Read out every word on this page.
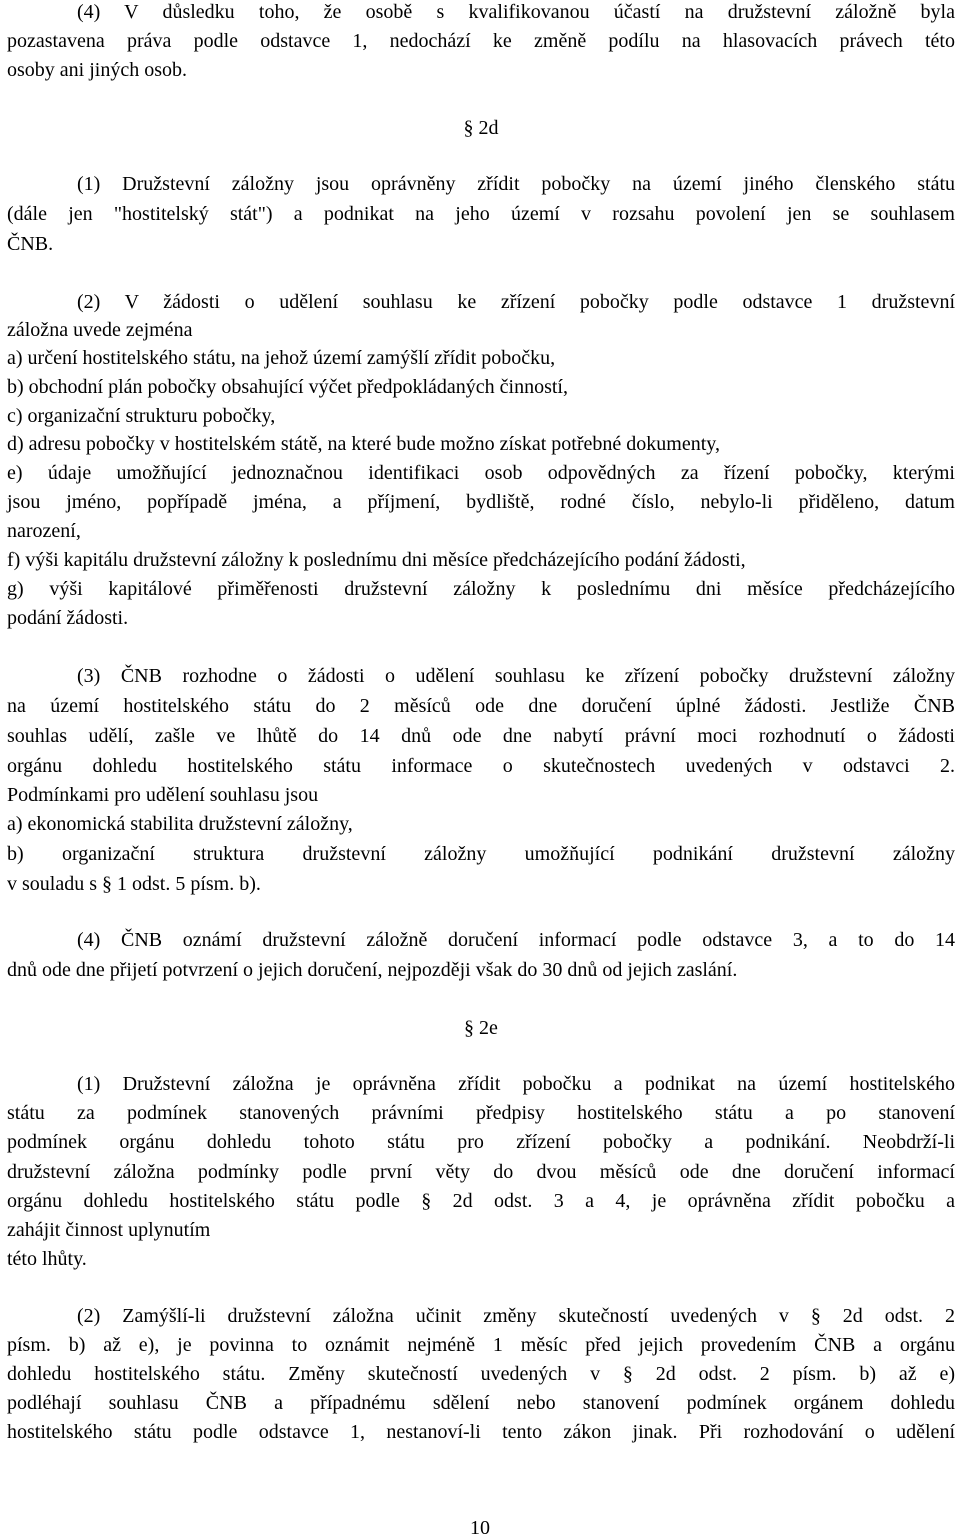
(4) V důsledku toho, že osobě s kvalifikovanou účastí na družstevní záložně byla
pozastavena práva podle odstavce 1, nedochází ke změně podílu na hlasovacích právech této
osoby ani jiných osob.
§ 2d
(1) Družstevní záložny jsou oprávněny zřídit pobočky na území jiného členského státu
(dále jen "hostitelský stát") a podnikat na jeho území v rozsahu povolení jen se souhlasem
ČNB.
(2) V žádosti o udělení souhlasu ke zřízení pobočky podle odstavce 1 družstevní
záložna uvede zejména
a) určení hostitelského státu, na jehož území zamýšlí zřídit pobočku,
b) obchodní plán pobočky obsahující výčet předpokládaných činností,
c) organizační strukturu pobočky,
d) adresu pobočky v hostitelském státě, na které bude možno získat potřebné dokumenty,
e) údaje umožňující jednoznačnou identifikaci osob odpovědných za řízení pobočky, kterými
jsou jméno, popřípadě jména, a příjmení, bydliště, rodné číslo, nebylo-li přiděleno, datum
narození,
f) výši kapitálu družstevní záložny k poslednímu dni měsíce předcházejícího podání žádosti,
g) výši kapitálové přiměřenosti družstevní záložny k poslednímu dni měsíce předcházejícího
podání žádosti.
(3) ČNB rozhodne o žádosti o udělení souhlasu ke zřízení pobočky družstevní záložny
na území hostitelského státu do 2 měsíců ode dne doručení úplné žádosti. Jestliže ČNB
souhlas udělí, zašle ve lhůtě do 14 dnů ode dne nabytí právní moci rozhodnutí o žádosti
orgánu dohledu hostitelského státu informace o skutečnostech uvedených v odstavci 2.
Podmínkami pro udělení souhlasu jsou
a) ekonomická stabilita družstevní záložny,
b) organizační struktura družstevní záložny umožňující podnikání družstevní záložny
v souladu s § 1 odst. 5 písm. b).
(4) ČNB oznámí družstevní záložně doručení informací podle odstavce 3, a to do 14
dnů ode dne přijetí potvrzení o jejich doručení, nejpozději však do 30 dnů od jejich zaslání.
§ 2e
(1) Družstevní záložna je oprávněna zřídit pobočku a podnikat na území hostitelského
státu za podmínek stanovených právními předpisy hostitelského státu a po stanovení
podmínek orgánu dohledu tohoto státu pro zřízení pobočky a podnikání. Neobdrží-li
družstevní záložna podmínky podle první věty do dvou měsíců ode dne doručení informací
orgánu dohledu hostitelského státu podle § 2d odst. 3 a 4, je oprávněna zřídit pobočku a
zahájit činnost uplynutím
této lhůty.
(2) Zamýšlí-li družstevní záložna učinit změny skutečností uvedených v § 2d odst. 2
písm. b) až e), je povinna to oznámit nejméně 1 měsíc před jejich provedením ČNB a orgánu
dohledu hostitelského státu. Změny skutečností uvedených v § 2d odst. 2 písm. b) až e)
podléhají souhlasu ČNB a případnému sdělení nebo stanovení podmínek orgánem dohledu
hostitelského státu podle odstavce 1, nestanoví-li tento zákon jinak. Při rozhodování o udělení
10
